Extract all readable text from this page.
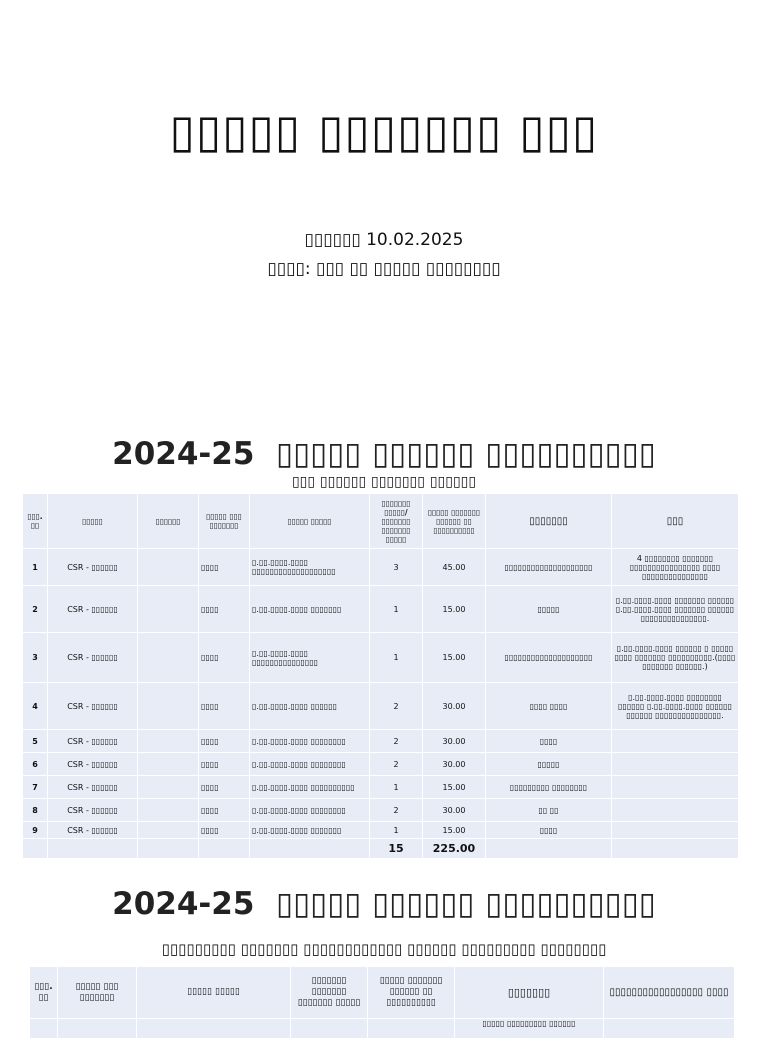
▯▯▯▯▯ ▯▯▯▯▯▯▯ ▯▯▯
▯▯▯▯▯▯ 10.02.2025
▯▯▯▯: ▯▯▯ ▯▯ ▯▯▯▯▯ ▯▯▯▯▯▯▯▯
2024-25 ▯▯▯▯▯ ▯▯▯▯▯▯ ▯▯▯▯▯▯▯▯▯▯
▯▯▯ ▯▯▯▯▯▯ ▯▯▯▯▯▯▯ ▯▯▯▯▯▯
▯▯▯. ▯▯	▯▯▯▯▯	▯▯▯▯▯▯	▯▯▯▯▯ ▯▯▯ ▯▯▯▯▯▯▯	▯▯▯▯▯ ▯▯▯▯▯	▯▯▯▯▯▯▯ ▯▯▯▯▯/ ▯▯▯▯▯▯▯ ▯▯▯▯▯▯▯ ▯▯▯▯▯	▯▯▯▯▯ ▯▯▯▯▯▯▯ ▯▯▯▯▯▯ ▯▯ ▯▯▯▯▯▯▯▯▯▯	▯▯▯▯▯▯▯	▯▯▯
1	CSR - ▯▯▯▯▯▯		▯▯▯▯	▯.▯▯.▯▯▯▯.▯▯▯▯ ▯▯▯▯▯▯▯▯▯▯▯▯▯▯▯▯▯▯▯	3	45.00	▯▯▯▯▯▯▯▯▯▯▯▯▯▯▯▯▯▯▯▯	4 ▯▯▯▯▯▯▯▯ ▯▯▯▯▯▯▯ ▯▯▯▯▯▯▯▯▯▯▯▯▯▯▯▯ ▯▯▯▯ ▯▯▯▯▯▯▯▯▯▯▯▯▯▯▯
2	CSR - ▯▯▯▯▯▯		▯▯▯▯	▯.▯▯.▯▯▯▯.▯▯▯▯ ▯▯▯▯▯▯▯	1	15.00	▯▯▯▯▯	▯.▯▯.▯▯▯▯.▯▯▯▯ ▯▯▯▯▯▯▯ ▯▯▯▯▯▯ ▯.▯▯.▯▯▯▯.▯▯▯▯ ▯▯▯▯▯▯▯ ▯▯▯▯▯▯ ▯▯▯▯▯▯▯▯▯▯▯▯▯▯▯.
3	CSR - ▯▯▯▯▯▯		▯▯▯▯	▯.▯▯.▯▯▯▯.▯▯▯▯ ▯▯▯▯▯▯▯▯▯▯▯▯▯▯▯	1	15.00	▯▯▯▯▯▯▯▯▯▯▯▯▯▯▯▯▯▯▯▯	▯.▯▯.▯▯▯▯.▯▯▯▯ ▯▯▯▯▯▯ ▯ ▯▯▯▯▯ ▯▯▯▯ ▯▯▯▯▯▯▯ ▯▯▯▯▯▯▯▯▯▯.(▯▯▯▯ ▯▯▯▯▯▯▯ ▯▯▯▯▯▯.)
4	CSR - ▯▯▯▯▯▯		▯▯▯▯	▯.▯▯.▯▯▯▯.▯▯▯▯ ▯▯▯▯▯▯	2	30.00	▯▯▯▯ ▯▯▯▯	▯.▯▯.▯▯▯▯.▯▯▯▯ ▯▯▯▯▯▯▯▯ ▯▯▯▯▯▯ ▯.▯▯.▯▯▯▯.▯▯▯▯ ▯▯▯▯▯▯ ▯▯▯▯▯▯ ▯▯▯▯▯▯▯▯▯▯▯▯▯▯▯.
5	CSR - ▯▯▯▯▯▯		▯▯▯▯	▯.▯▯.▯▯▯▯.▯▯▯▯ ▯▯▯▯▯▯▯▯	2	30.00	▯▯▯▯	
6	CSR - ▯▯▯▯▯▯		▯▯▯▯	▯.▯▯.▯▯▯▯.▯▯▯▯ ▯▯▯▯▯▯▯▯	2	30.00	▯▯▯▯▯	
7	CSR - ▯▯▯▯▯▯		▯▯▯▯	▯.▯▯.▯▯▯▯.▯▯▯▯ ▯▯▯▯▯▯▯▯▯▯	1	15.00	▯▯▯▯▯▯▯▯▯ ▯▯▯▯▯▯▯▯	
8	CSR - ▯▯▯▯▯▯		▯▯▯▯	▯.▯▯.▯▯▯▯.▯▯▯▯ ▯▯▯▯▯▯▯▯	2	30.00	▯▯ ▯▯	
9	CSR - ▯▯▯▯▯▯		▯▯▯▯	▯.▯▯.▯▯▯▯.▯▯▯▯ ▯▯▯▯▯▯▯	1	15.00	▯▯▯▯	
					15	225.00		
2024-25 ▯▯▯▯▯ ▯▯▯▯▯▯ ▯▯▯▯▯▯▯▯▯▯
▯▯▯▯▯▯▯▯▯ ▯▯▯▯▯▯▯ ▯▯▯▯▯▯▯▯▯▯▯▯ ▯▯▯▯▯▯ ▯▯▯▯▯▯▯▯▯ ▯▯▯▯▯▯▯▯
▯▯▯. ▯▯	▯▯▯▯▯ ▯▯▯ ▯▯▯▯▯▯▯	▯▯▯▯▯ ▯▯▯▯▯	▯▯▯▯▯▯▯ ▯▯▯▯▯▯▯ ▯▯▯▯▯▯▯ ▯▯▯▯▯	▯▯▯▯▯ ▯▯▯▯▯▯▯ ▯▯▯▯▯▯ ▯▯ ▯▯▯▯▯▯▯▯▯▯	▯▯▯▯▯▯▯	▯▯▯▯▯▯▯▯▯▯▯▯▯▯▯▯▯ ▯▯▯▯
					▯▯▯▯▯ ▯▯▯▯▯▯▯▯▯ ▯▯▯▯▯▯	
